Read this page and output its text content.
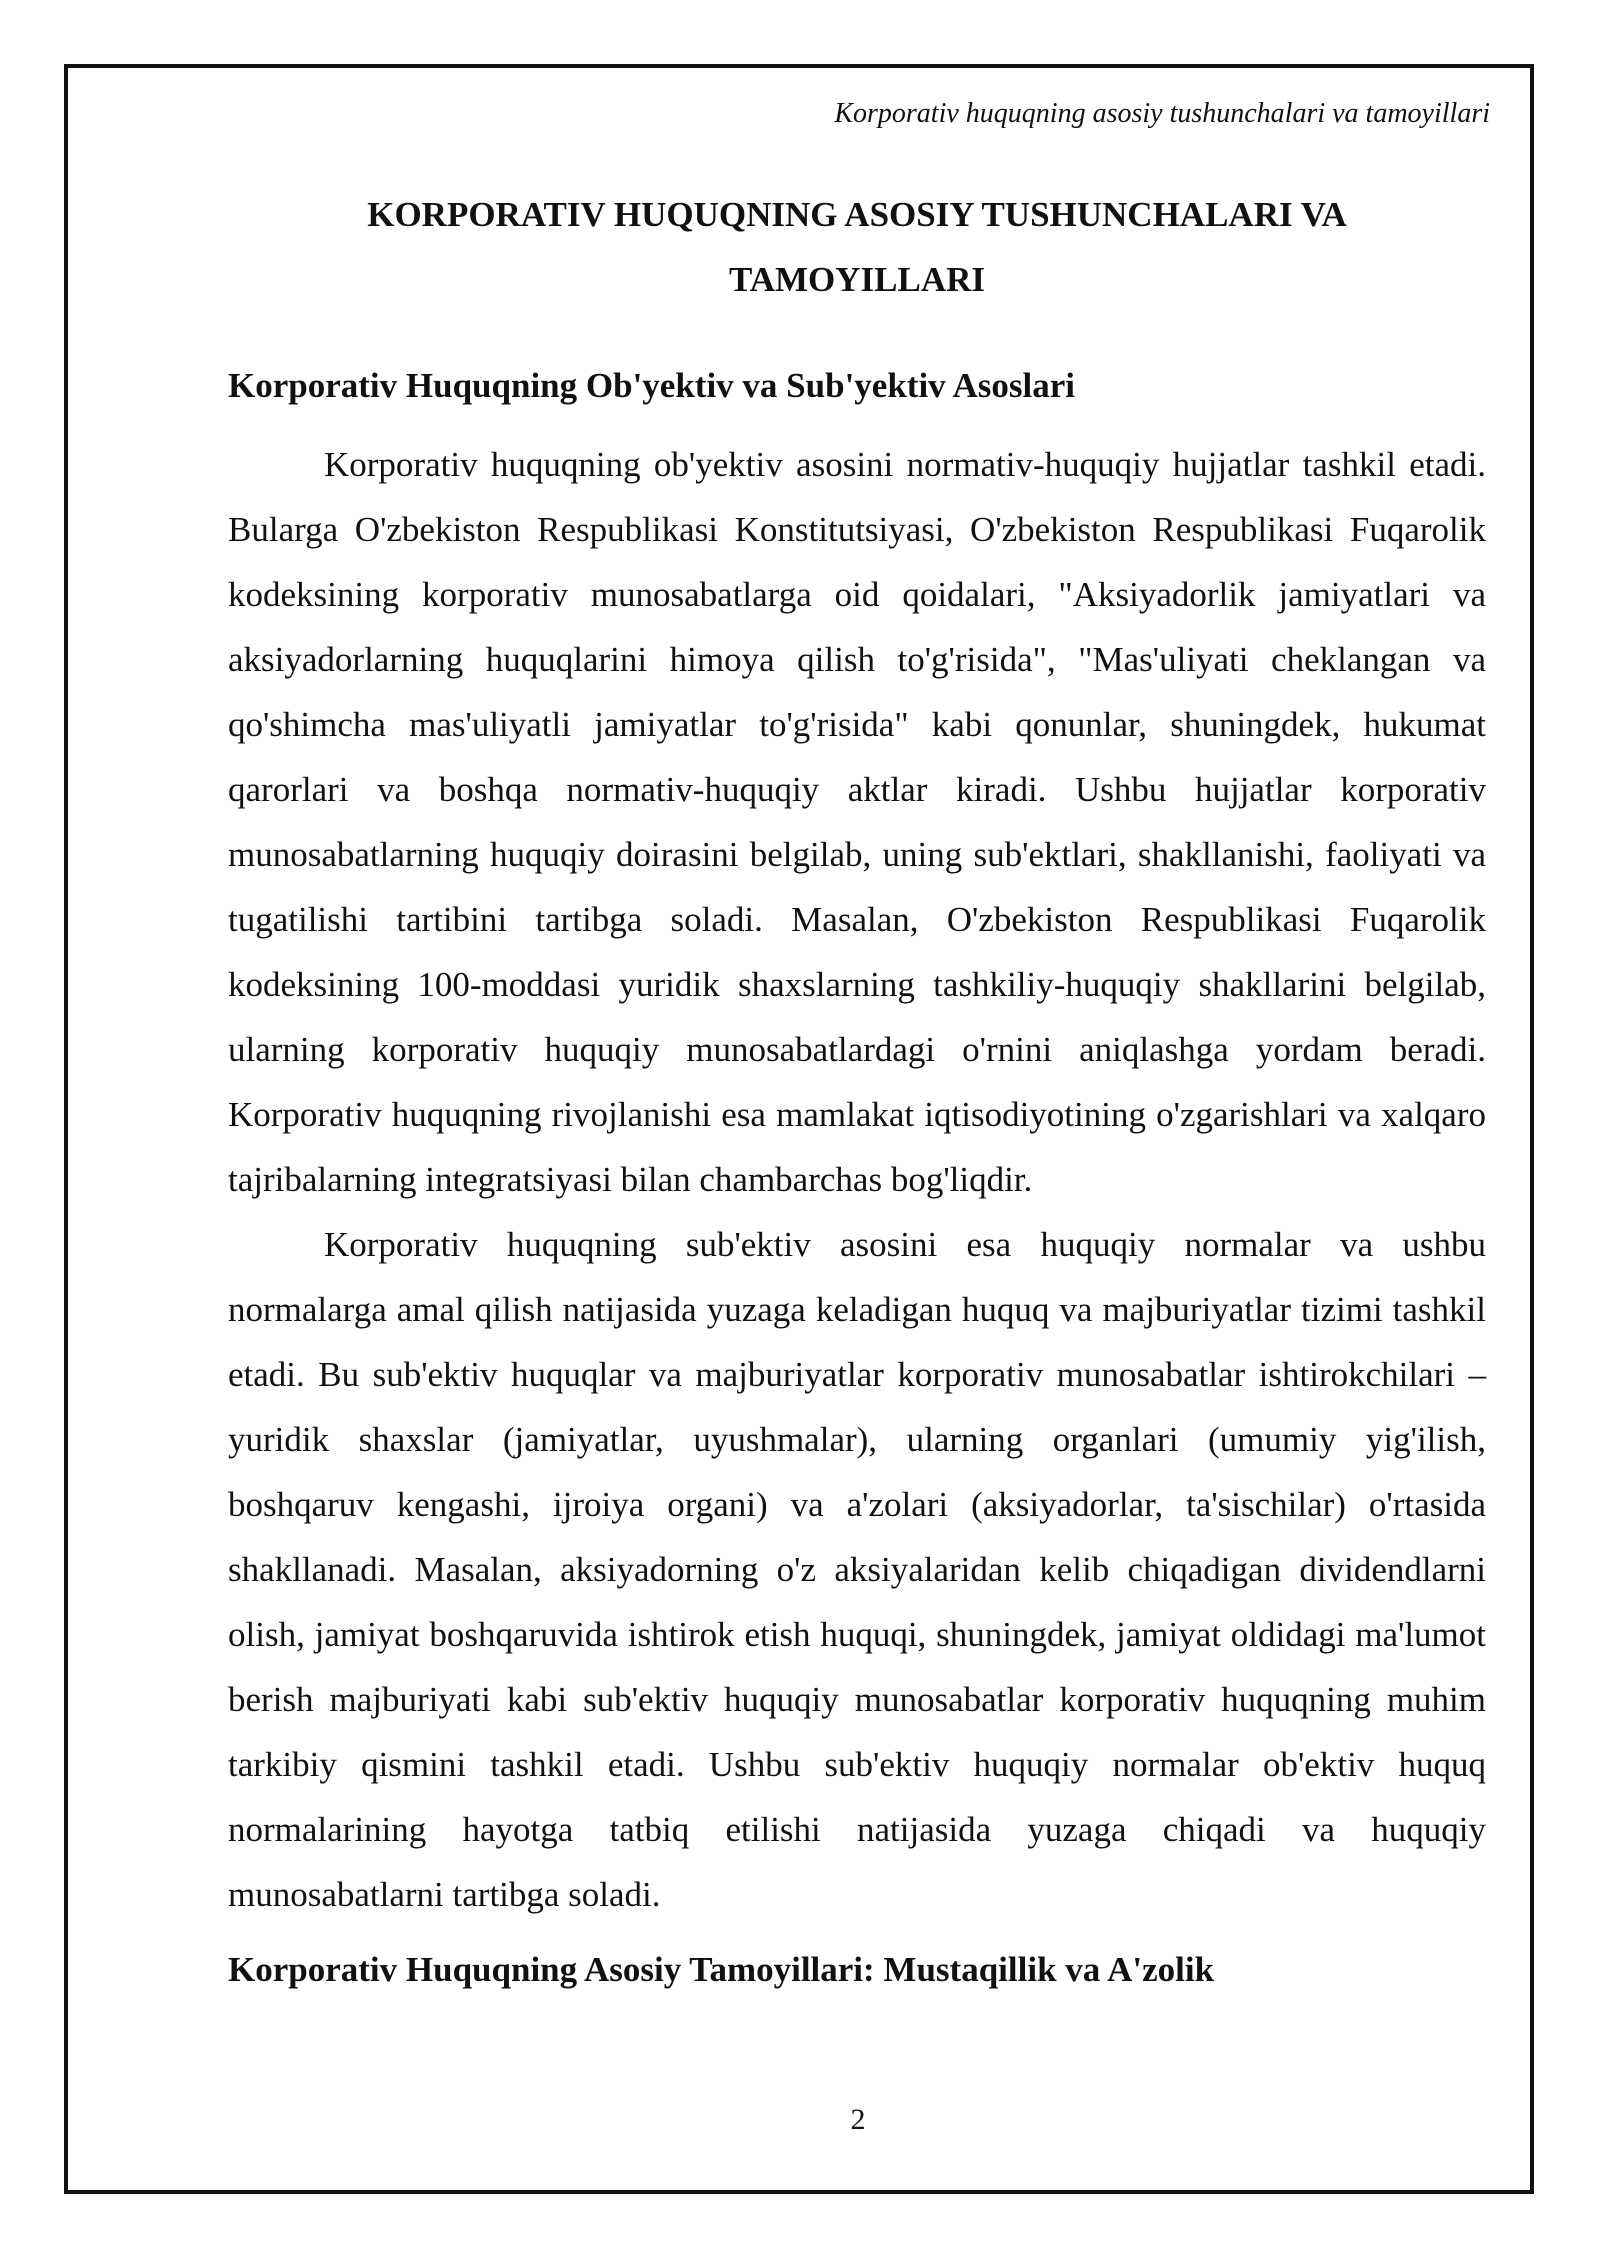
Korporativ huquqning asosiy tushunchalari va tamoyillari
KORPORATIV HUQUQNING ASOSIY TUSHUNCHALARI VA TAMOYILLARI
Korporativ Huquqning Ob'yektiv va Sub'yektiv Asoslari

Korporativ huquqning ob'yektiv asosini normativ-huquqiy hujjatlar tashkil etadi. Bularga O'zbekiston Respublikasi Konstitutsiyasi, O'zbekiston Respublikasi Fuqarolik kodeksining korporativ munosabatlarga oid qoidalari, "Aksiyadorlik jamiyatlari va aksiyadorlarning huquqlarini himoya qilish to'g'risida", "Mas'uliyati cheklangan va qo'shimcha mas'uliyatli jamiyatlar to'g'risida" kabi qonunlar, shuningdek, hukumat qarorlari va boshqa normativ-huquqiy aktlar kiradi. Ushbu hujjatlar korporativ munosabatlarning huquqiy doirasini belgilab, uning sub'ektlari, shakllanishi, faoliyati va tugatilishi tartibini tartibga soladi. Masalan, O'zbekiston Respublikasi Fuqarolik kodeksining 100-moddasi yuridik shaxslarning tashkiliy-huquqiy shakllarini belgilab, ularning korporativ huquqiy munosabatlardagi o'rnini aniqlashga yordam beradi. Korporativ huquqning rivojlanishi esa mamlakat iqtisodiyotining o'zgarishlari va xalqaro tajribalarning integratsiyasi bilan chambarchas bog'liqdir.

Korporativ huquqning sub'ektiv asosini esa huquqiy normalar va ushbu normalarga amal qilish natijasida yuzaga keladigan huquq va majburiyatlar tizimi tashkil etadi. Bu sub'ektiv huquqlar va majburiyatlar korporativ munosabatlar ishtirokchilari – yuridik shaxslar (jamiyatlar, uyushmalar), ularning organlari (umumiy yig'ilish, boshqaruv kengashi, ijroiya organi) va a'zolari (aksiyadorlar, ta'sischilar) o'rtasida shakllanadi. Masalan, aksiyadorning o'z aksiyalaridan kelib chiqadigan dividendlarni olish, jamiyat boshqaruvida ishtirok etish huquqi, shuningdek, jamiyat oldidagi ma'lumot berish majburiyati kabi sub'ektiv huquqiy munosabatlar korporativ huquqning muhim tarkibiy qismini tashkil etadi. Ushbu sub'ektiv huquqiy normalar ob'ektiv huquq normalarining hayotga tatbiq etilishi natijasida yuzaga chiqadi va huquqiy munosabatlarni tartibga soladi.

Korporativ Huquqning Asosiy Tamoyillari: Mustaqillik va A'zolik
2
